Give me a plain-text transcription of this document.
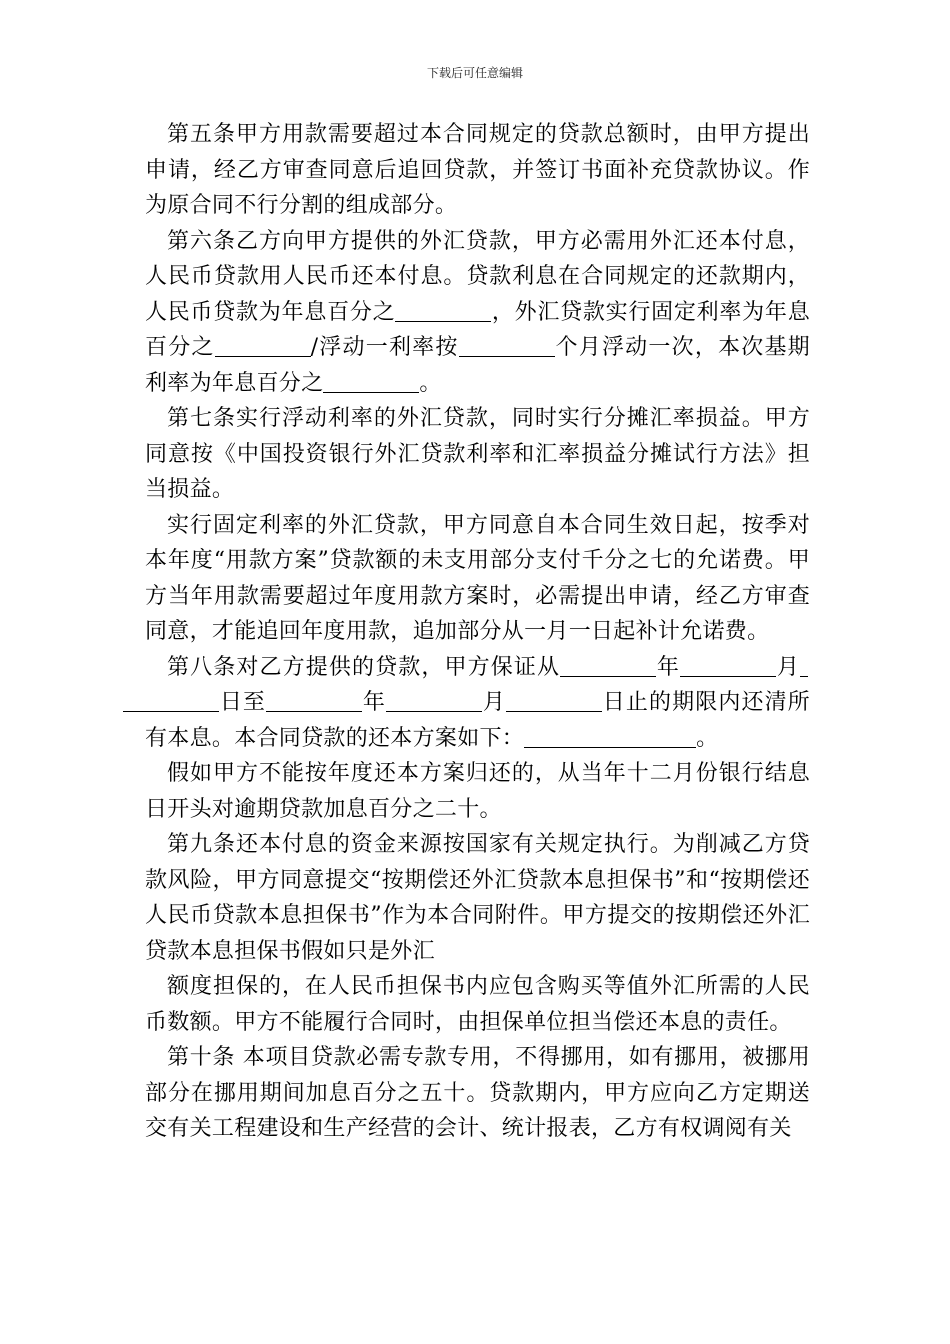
下载后可任意编辑

第五条甲方用款需要超过本合同规定的贷款总额时，由甲方提出申请，经乙方审查同意后追回贷款，并签订书面补充贷款协议。作为原合同不行分割的组成部分。

第六条乙方向甲方提供的外汇贷款，甲方必需用外汇还本付息，人民币贷款用人民币还本付息。贷款利息在合同规定的还款期内，人民币贷款为年息百分之	，外汇贷款实行固定利率为年息百分之	/浮动一利率按	个月浮动一次，本次基期利率为年息百分之	。

第七条实行浮动利率的外汇贷款，同时实行分摊汇率损益。甲方同意按《中国投资银行外汇贷款利率和汇率损益分摊试行方法》担当损益。

实行固定利率的外汇贷款，甲方同意自本合同生效日起，按季对本年度“用款方案”贷款额的未支用部分支付千分之七的允诺费。甲方当年用款需要超过年度用款方案时，必需提出申请，经乙方审查同意，才能追回年度用款，追加部分从一月一日起补计允诺费。

第八条对乙方提供的贷款，甲方保证从	年	月日至	年	月	日止的期限内还清所有本息。本合同贷款的还本方案如下：	。

假如甲方不能按年度还本方案归还的，从当年十二月份银行结息日开头对逾期贷款加息百分之二十。

第九条还本付息的资金来源按国家有关规定执行。为削减乙方贷款风险，甲方同意提交“按期偿还外汇贷款本息担保书”和“按期偿还人民币贷款本息担保书”作为本合同附件。甲方提交的按期偿还外汇贷款本息担保书假如只是外汇

额度担保的，在人民币担保书内应包含购买等值外汇所需的人民币数额。甲方不能履行合同时，由担保单位担当偿还本息的责任。

第十条 本项目贷款必需专款专用，不得挪用，如有挪用，被挪用部分在挪用期间加息百分之五十。贷款期内，甲方应向乙方定期送交有关工程建设和生产经营的会计、统计报表，乙方有权调阅有关
